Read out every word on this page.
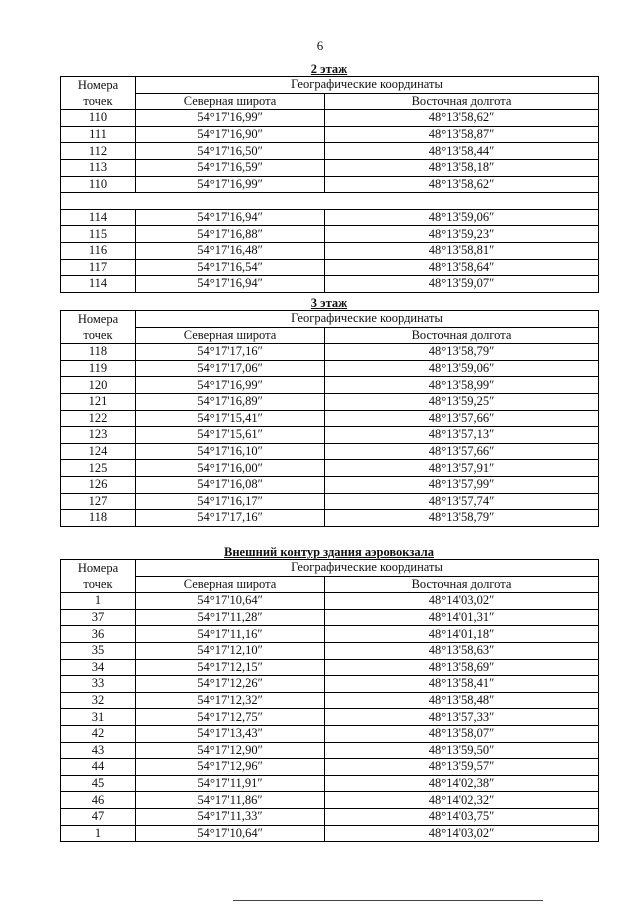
6
2 этаж
Номера
точек	Географические координаты	
	Северная широта	Восточная долгота
110	54°17'16,99″	48°13'58,62″
111	54°17'16,90″	48°13'58,87″
112	54°17'16,50″	48°13'58,44″
113	54°17'16,59″	48°13'58,18″
110	54°17'16,99″	48°13'58,62″

114	54°17'16,94″	48°13'59,06″
115	54°17'16,88″	48°13'59,23″
116	54°17'16,48″	48°13'58,81″
117	54°17'16,54″	48°13'58,64″
114	54°17'16,94″	48°13'59,07″
3 этаж
Номера
точек	Географические координаты	
	Северная широта	Восточная долгота
118	54°17'17,16″	48°13'58,79″
119	54°17'17,06″	48°13'59,06″
120	54°17'16,99″	48°13'58,99″
121	54°17'16,89″	48°13'59,25″
122	54°17'15,41″	48°13'57,66″
123	54°17'15,61″	48°13'57,13″
124	54°17'16,10″	48°13'57,66″
125	54°17'16,00″	48°13'57,91″
126	54°17'16,08″	48°13'57,99″
127	54°17'16,17″	48°13'57,74″
118	54°17'17,16″	48°13'58,79″
Внешний контур здания аэровокзала
Номера
точек	Географические координаты	
	Северная широта	Восточная долгота
1	54°17'10,64″	48°14'03,02″
37	54°17'11,28″	48°14'01,31″
36	54°17'11,16″	48°14'01,18″
35	54°17'12,10″	48°13'58,63″
34	54°17'12,15″	48°13'58,69″
33	54°17'12,26″	48°13'58,41″
32	54°17'12,32″	48°13'58,48″
31	54°17'12,75″	48°13'57,33″
42	54°17'13,43″	48°13'58,07″
43	54°17'12,90″	48°13'59,50″
44	54°17'12,96″	48°13'59,57″
45	54°17'11,91″	48°14'02,38″
46	54°17'11,86″	48°14'02,32″
47	54°17'11,33″	48°14'03,75″
1	54°17'10,64″	48°14'03,02″
